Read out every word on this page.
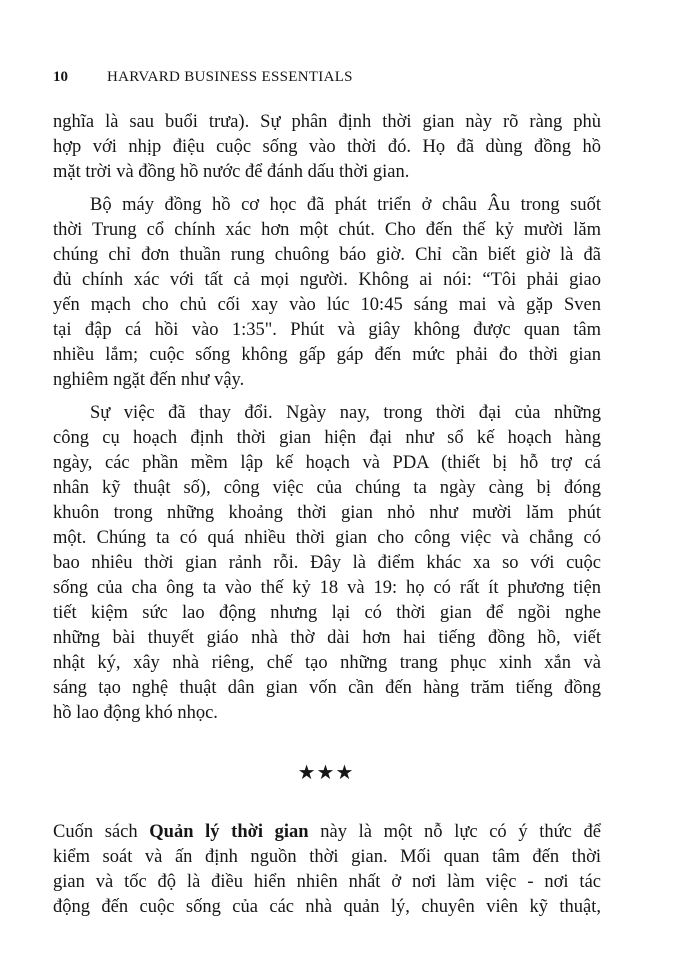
10	HARVARD BUSINESS ESSENTIALS
nghĩa là sau buổi trưa). Sự phân định thời gian này rõ ràng phù
hợp với nhịp điệu cuộc sống vào thời đó. Họ đã dùng đồng hồ
mặt trời và đồng hồ nước để đánh dấu thời gian.
Bộ máy đồng hồ cơ học đã phát triển ở châu Âu trong suốt
thời Trung cổ chính xác hơn một chút. Cho đến thế kỷ mười lăm
chúng chỉ đơn thuần rung chuông báo giờ. Chỉ cần biết giờ là đã
đủ chính xác với tất cả mọi người. Không ai nói: “Tôi phải giao
yến mạch cho chủ cối xay vào lúc 10:45 sáng mai và gặp Sven
tại đập cá hồi vào 1:35". Phút và giây không được quan tâm
nhiều lắm; cuộc sống không gấp gáp đến mức phải đo thời gian
nghiêm ngặt đến như vậy.
Sự việc đã thay đổi. Ngày nay, trong thời đại của những
công cụ hoạch định thời gian hiện đại như sổ kế hoạch hàng
ngày, các phần mềm lập kế hoạch và PDA (thiết bị hỗ trợ cá
nhân kỹ thuật số), công việc của chúng ta ngày càng bị đóng
khuôn trong những khoảng thời gian nhỏ như mười lăm phút
một. Chúng ta có quá nhiều thời gian cho công việc và chẳng có
bao nhiêu thời gian rảnh rỗi. Đây là điểm khác xa so với cuộc
sống của cha ông ta vào thế kỷ 18 và 19: họ có rất ít phương tiện
tiết kiệm sức lao động nhưng lại có thời gian để ngồi nghe
những bài thuyết giáo nhà thờ dài hơn hai tiếng đồng hồ, viết
nhật ký, xây nhà riêng, chế tạo những trang phục xinh xắn và
sáng tạo nghệ thuật dân gian vốn cần đến hàng trăm tiếng đồng
hồ lao động khó nhọc.
★★★
Cuốn sách Quản lý thời gian này là một nỗ lực có ý thức để
kiểm soát và ấn định nguồn thời gian. Mối quan tâm đến thời
gian và tốc độ là điều hiển nhiên nhất ở nơi làm việc - nơi tác
động đến cuộc sống của các nhà quản lý, chuyên viên kỹ thuật,
